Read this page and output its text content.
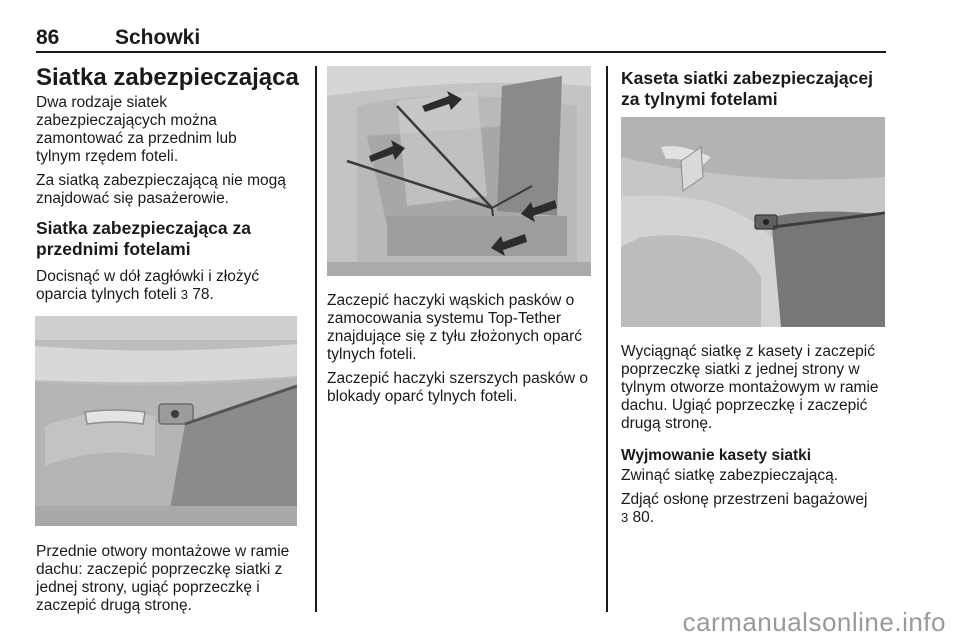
86	Schowki
Siatka zabezpieczająca

Dwa rodzaje siatek zabezpieczających można zamontować za przednim lub tylnym rzędem foteli.

Za siatką zabezpieczającą nie mogą znajdować się pasażerowie.

Siatka zabezpieczająca za przednimi fotelami

Docisnąć w dół zagłówki i złożyć oparcia tylnych foteli 3 78.

Przednie otwory montażowe w ramie dachu: zaczepić poprzeczkę siatki z jednej strony, ugiąć poprzeczkę i zaczepić drugą stronę.

Zaczepić haczyki wąskich pasków o zamocowania systemu Top-Tether znajdujące się z tyłu złożonych oparć tylnych foteli.

Zaczepić haczyki szerszych pasków o blokady oparć tylnych foteli.

Kaseta siatki zabezpieczającej za tylnymi fotelami

Wyciągnąć siatkę z kasety i zaczepić poprzeczkę siatki z jednej strony w tylnym otworze montażowym w ramie dachu. Ugiąć poprzeczkę i zaczepić drugą stronę.

Wyjmowanie kasety siatki

Zwinąć siatkę zabezpieczającą.

Zdjąć osłonę przestrzeni bagażowej
3 80.

carmanualsonline.info
